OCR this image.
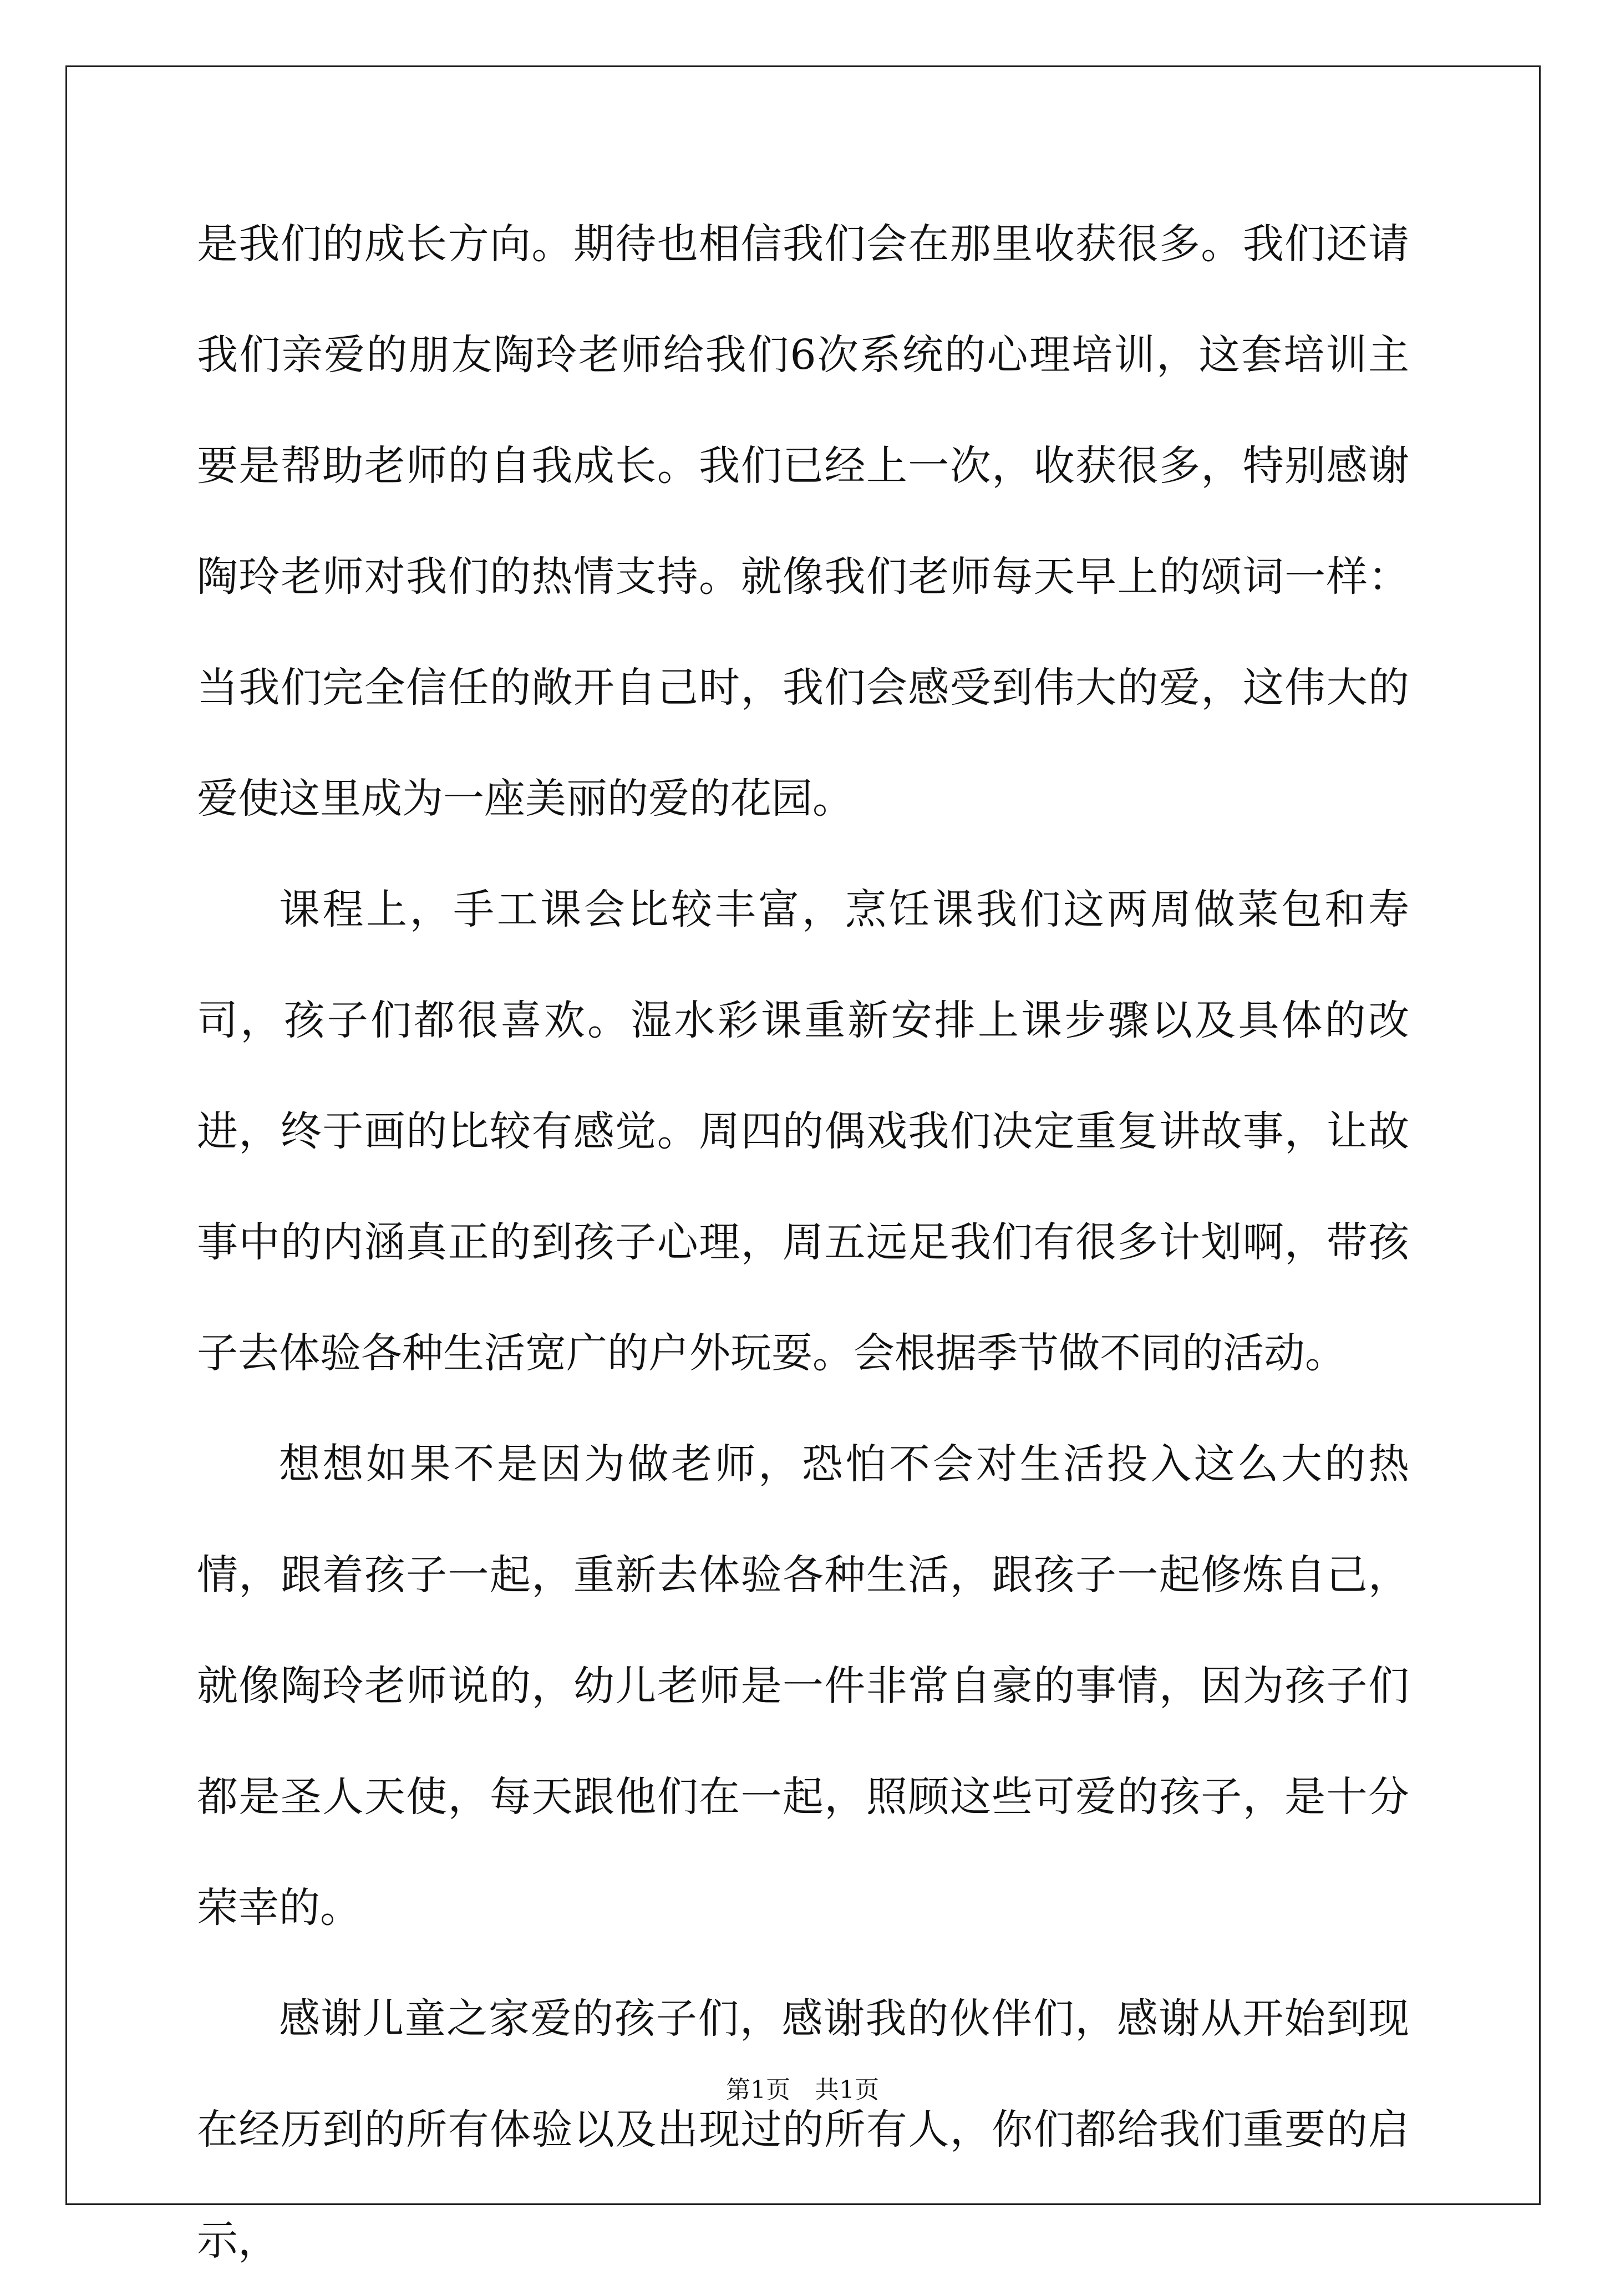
是我们的成长方向。期待也相信我们会在那里收获很多。我们还请我们亲爱的朋友陶玲老师给我们6次系统的心理培训，这套培训主要是帮助老师的自我成长。我们已经上一次，收获很多，特别感谢陶玲老师对我们的热情支持。就像我们老师每天早上的颂词一样：当我们完全信任的敞开自己时，我们会感受到伟大的爱，这伟大的爱使这里成为一座美丽的爱的花园。

课程上，手工课会比较丰富，烹饪课我们这两周做菜包和寿司，孩子们都很喜欢。湿水彩课重新安排上课步骤以及具体的改进，终于画的比较有感觉。周四的偶戏我们决定重复讲故事，让故事中的内涵真正的到孩子心理，周五远足我们有很多计划啊，带孩子去体验各种生活宽广的户外玩耍。会根据季节做不同的活动。

想想如果不是因为做老师，恐怕不会对生活投入这么大的热情，跟着孩子一起，重新去体验各种生活，跟孩子一起修炼自己，就像陶玲老师说的，幼儿老师是一件非常自豪的事情，因为孩子们都是圣人天使，每天跟他们在一起，照顾这些可爱的孩子，是十分荣幸的。

感谢儿童之家爱的孩子们，感谢我的伙伴们，感谢从开始到现在经历到的所有体验以及出现过的所有人，你们都给我们重要的启示，

第1页　共1页
